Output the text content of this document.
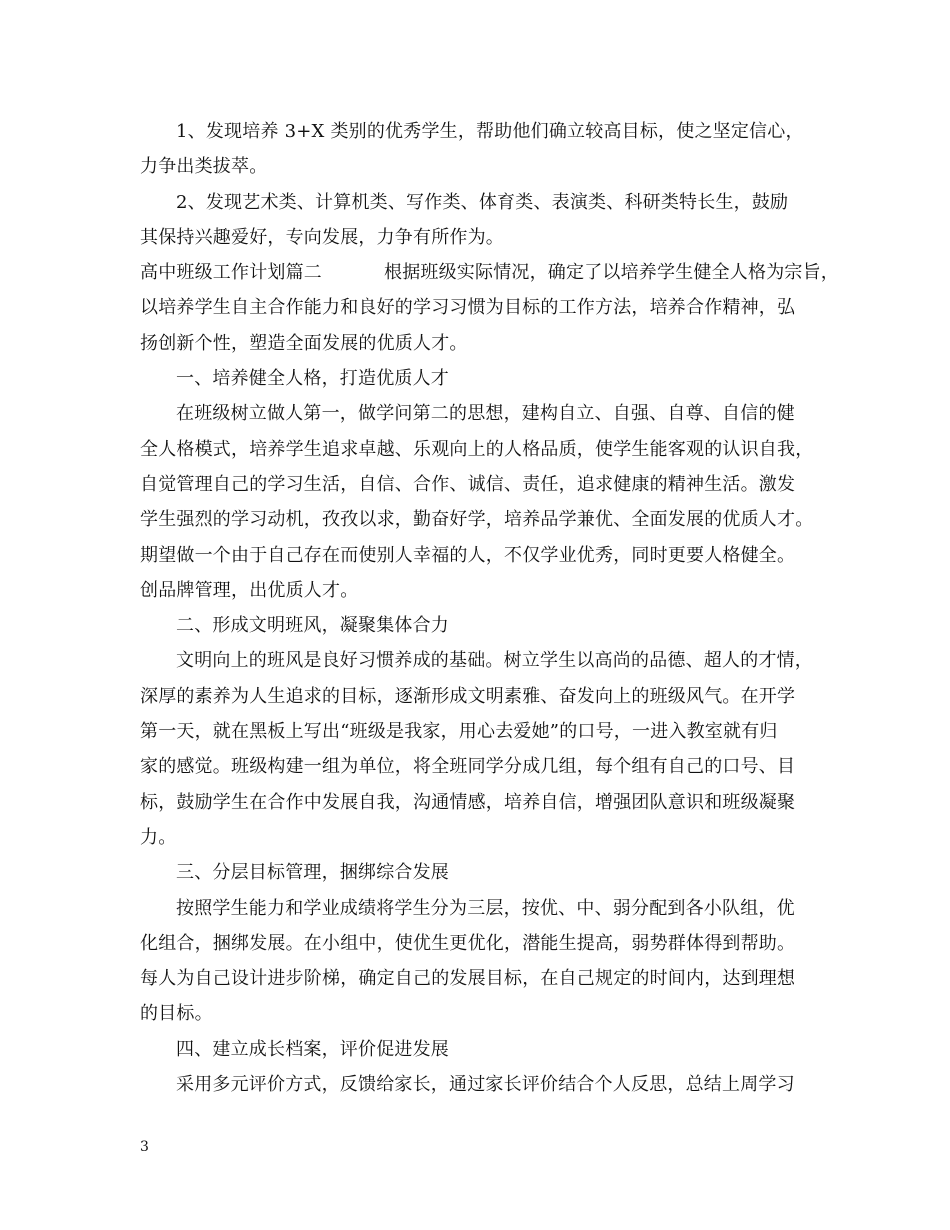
1、发现培养 3+X 类别的优秀学生，帮助他们确立较高目标，使之坚定信心，
力争出类拔萃。
2、发现艺术类、计算机类、写作类、体育类、表演类、科研类特长生，鼓励
其保持兴趣爱好，专向发展，力争有所作为。
高中班级工作计划篇二	根据班级实际情况，确定了以培养学生健全人格为宗旨，
以培养学生自主合作能力和良好的学习习惯为目标的工作方法，培养合作精神，弘
扬创新个性，塑造全面发展的优质人才。
一、培养健全人格，打造优质人才
在班级树立做人第一，做学问第二的思想，建构自立、自强、自尊、自信的健
全人格模式，培养学生追求卓越、乐观向上的人格品质，使学生能客观的认识自我，
自觉管理自己的学习生活，自信、合作、诚信、责任，追求健康的精神生活。激发
学生强烈的学习动机，孜孜以求，勤奋好学，培养品学兼优、全面发展的优质人才。
期望做一个由于自己存在而使别人幸福的人，不仅学业优秀，同时更要人格健全。
创品牌管理，出优质人才。
二、形成文明班风，凝聚集体合力
文明向上的班风是良好习惯养成的基础。树立学生以高尚的品德、超人的才情，
深厚的素养为人生追求的目标，逐渐形成文明素雅、奋发向上的班级风气。在开学
第一天，就在黑板上写出“班级是我家，用心去爱她”的口号，一进入教室就有归
家的感觉。班级构建一组为单位，将全班同学分成几组，每个组有自己的口号、目
标，鼓励学生在合作中发展自我，沟通情感，培养自信，增强团队意识和班级凝聚
力。
三、分层目标管理，捆绑综合发展
按照学生能力和学业成绩将学生分为三层，按优、中、弱分配到各小队组，优
化组合，捆绑发展。在小组中，使优生更优化，潜能生提高，弱势群体得到帮助。
每人为自己设计进步阶梯，确定自己的发展目标，在自己规定的时间内，达到理想
的目标。
四、建立成长档案，评价促进发展
采用多元评价方式，反馈给家长，通过家长评价结合个人反思，总结上周学习
3
